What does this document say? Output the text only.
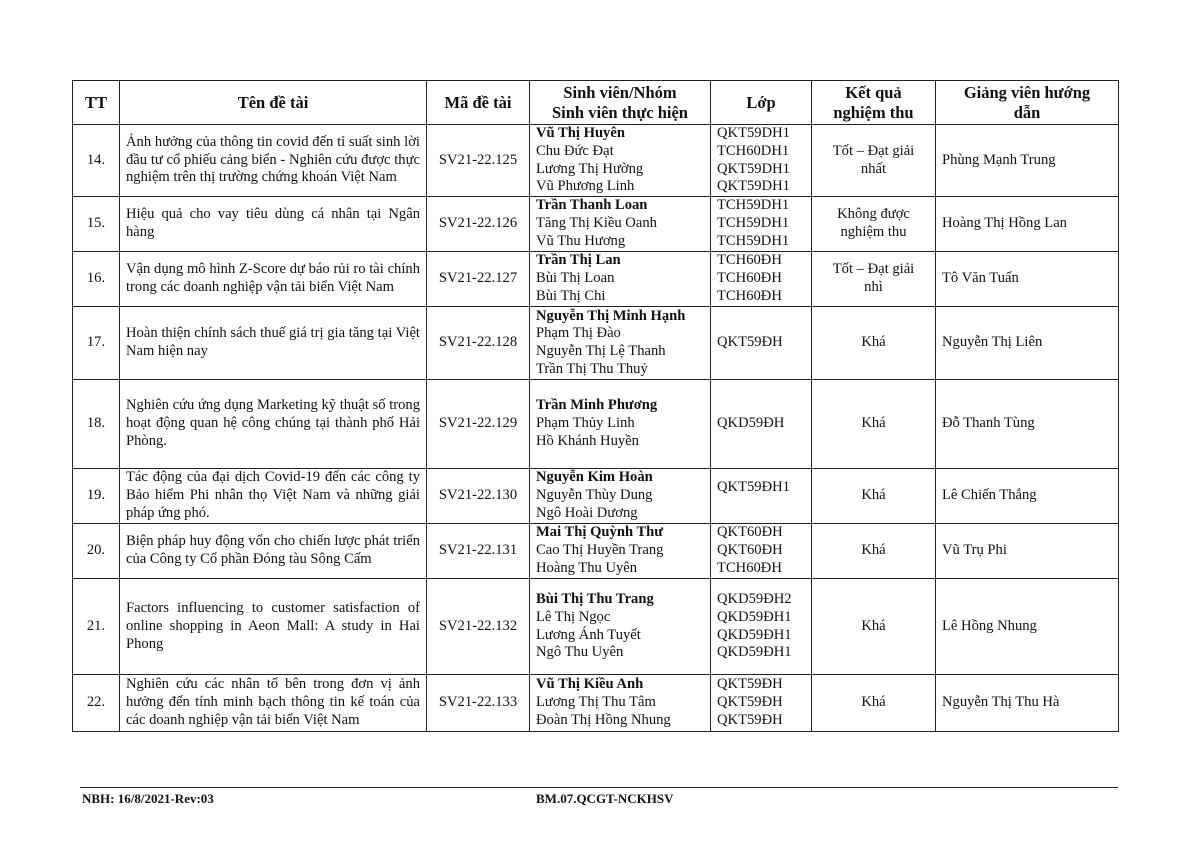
TT	Tên đề tài	Mã đề tài	Sinh viên/Nhóm
Sinh viên thực hiện	Lớp	Kết quả
nghiệm thu	Giảng viên hướng
dẫn

14.	Ảnh hưởng của thông tin covid đến tỉ suất sinh lời đầu tư cổ phiếu cảng biển - Nghiên cứu được thực nghiệm trên thị trường chứng khoán Việt Nam	SV21-22.125	Vũ Thị Huyên
Chu Đức Đạt
Lương Thị Hường
Vũ Phương Linh	QKT59DH1
TCH60DH1
QKT59DH1
QKT59DH1	Tốt – Đạt giải nhất	Phùng Mạnh Trung
15.	Hiệu quả cho vay tiêu dùng cá nhân tại Ngân hàng	SV21-22.126	Trần Thanh Loan
Tăng Thị Kiều Oanh
Vũ Thu Hương	TCH59DH1
TCH59DH1
TCH59DH1	Không được nghiệm thu	Hoàng Thị Hồng Lan
16.	Vận dụng mô hình Z-Score dự báo rủi ro tài chính trong các doanh nghiệp vận tải biển Việt Nam	SV21-22.127	Trần Thị Lan
Bùi Thị Loan
Bùi Thị Chi	TCH60ĐH
TCH60ĐH
TCH60ĐH	Tốt – Đạt giải nhì	Tô Văn Tuấn
17.	Hoàn thiện chính sách thuế giá trị gia tăng tại Việt Nam hiện nay	SV21-22.128	Nguyễn Thị Minh Hạnh
Phạm Thị Đào
Nguyễn Thị Lệ Thanh
Trần Thị Thu Thuỷ	QKT59ĐH	Khá	Nguyễn Thị Liên
18.	Nghiên cứu ứng dụng Marketing kỹ thuật số trong hoạt động quan hệ công chúng tại thành phố Hải Phòng.	SV21-22.129	Trần Minh Phương
Phạm Thủy Linh
Hồ Khánh Huyền	QKD59ĐH	Khá	Đỗ Thanh Tùng
19.	Tác động của đại dịch Covid-19 đến các công ty Bảo hiểm Phi nhân thọ Việt Nam và những giải pháp ứng phó.	SV21-22.130	Nguyễn Kim Hoàn
Nguyễn Thùy Dung
Ngô Hoài Dương	QKT59ĐH1	Khá	Lê Chiến Thắng
20.	Biện pháp huy động vốn cho chiến lược phát triển của Công ty Cổ phần Đóng tàu Sông Cấm	SV21-22.131	Mai Thị Quỳnh Thư
Cao Thị Huyền Trang
Hoàng Thu Uyên	QKT60ĐH
QKT60ĐH
TCH60ĐH	Khá	Vũ Trụ Phi
21.	Factors influencing to customer satisfaction of online shopping in Aeon Mall: A study in Hai Phong	SV21-22.132	Bùi Thị Thu Trang
Lê Thị Ngọc
Lương Ánh Tuyết
Ngô Thu Uyên	QKD59ĐH2
QKD59ĐH1
QKD59ĐH1
QKD59ĐH1	Khá	Lê Hồng Nhung
22.	Nghiên cứu các nhân tố bên trong đơn vị ảnh hưởng đến tính minh bạch thông tin kế toán của các doanh nghiệp vận tải biển Việt Nam	SV21-22.133	Vũ Thị Kiều Anh
Lương Thị Thu Tâm
Đoàn Thị Hồng Nhung	QKT59ĐH
QKT59ĐH
QKT59ĐH	Khá	Nguyễn Thị Thu Hà
NBH: 16/8/2021-Rev:03	BM.07.QCGT-NCKHSV
